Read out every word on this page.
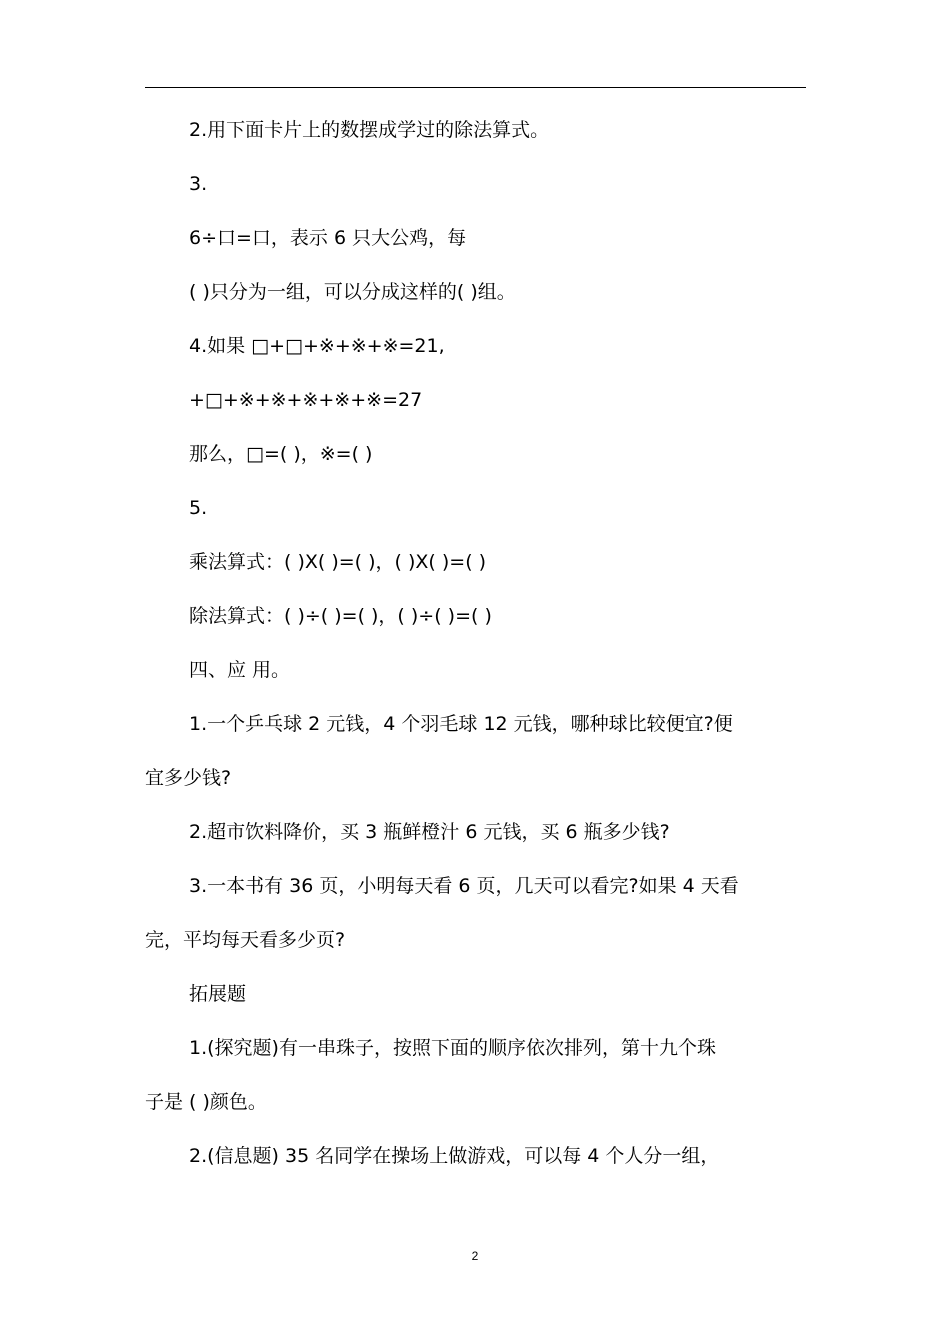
2.用下面卡片上的数摆成学过的除法算式。

3.

6÷口=口，表示 6 只大公鸡，每

( )只分为一组，可以分成这样的( )组。

4.如果 □+□+※+※+※=21,

+□+※+※+※+※+※=27

那么，□=( )，※=( )

5.

乘法算式：( )X( )=( )，( )X( )=( )

除法算式：( )÷( )=( )，( )÷( )=( )

四、应 用。

1.一个乒乓球 2 元钱，4 个羽毛球 12 元钱，哪种球比较便宜?便

宜多少钱?

2.超市饮料降价，买 3 瓶鲜橙汁 6 元钱，买 6 瓶多少钱?

3.一本书有 36 页，小明每天看 6 页，几天可以看完?如果 4 天看

完，平均每天看多少页?

拓展题

1.(探究题)有一串珠子，按照下面的顺序依次排列，第十九个珠

子是 ( )颜色。

2.(信息题) 35 名同学在操场上做游戏，可以每 4 个人分一组，

2
